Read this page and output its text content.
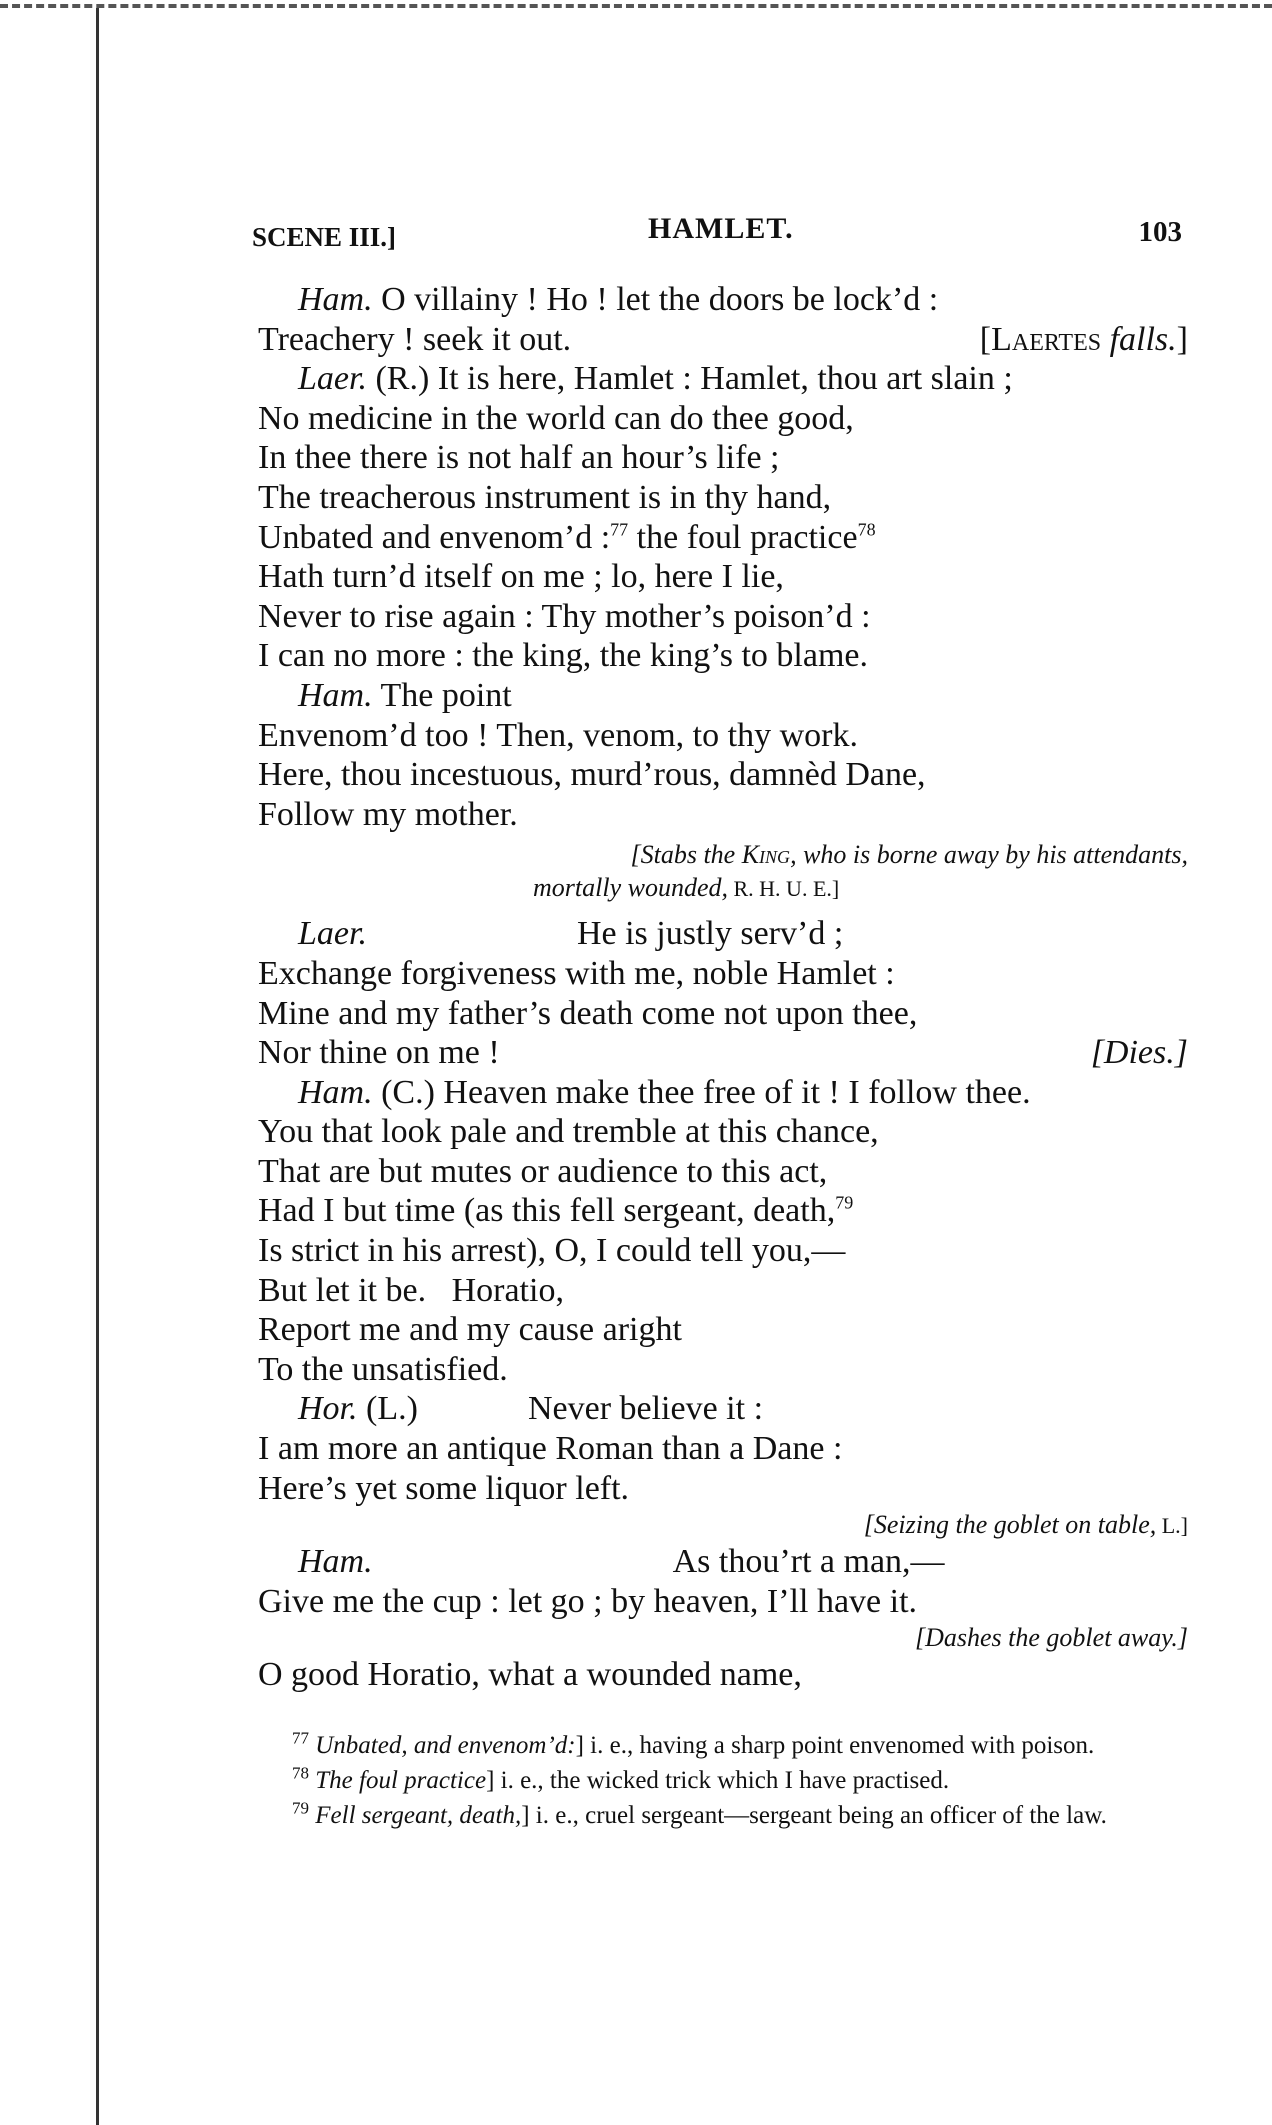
SCENE III.]	HAMLET.	103
Ham. O villainy ! Ho ! let the doors be lock’d :
Treachery ! seek it out.	[Laertes falls.]
Laer. (R.) It is here, Hamlet : Hamlet, thou art slain ;
No medicine in the world can do thee good,
In thee there is not half an hour’s life ;
The treacherous instrument is in thy hand,
Unbated and envenom’d :$^{77}$ the foul practice$^{78}$
Hath turn’d itself on me ; lo, here I lie,
Never to rise again : Thy mother’s poison’d :
I can no more : the king, the king’s to blame.
Ham. The point
Envenom’d too ! Then, venom, to thy work.
Here, thou incestuous, murd’rous, damnèd Dane,
Follow my mother.
[Stabs the King, who is borne away by his attendants,
mortally wounded, R. H. U. E.]
Laer.	He is justly serv’d ;
Exchange forgiveness with me, noble Hamlet :
Mine and my father’s death come not upon thee,
Nor thine on me !	[Dies.]
Ham. (C.) Heaven make thee free of it ! I follow thee.
You that look pale and tremble at this chance,
That are but mutes or audience to this act,
Had I but time (as this fell sergeant, death,$^{79}$
Is strict in his arrest), O, I could tell you,—
But let it be.   Horatio,
Report me and my cause aright
To the unsatisfied.
Hor. (L.)	Never believe it :
I am more an antique Roman than a Dane :
Here’s yet some liquor left.
[Seizing the goblet on table, L.]
Ham.	As thou’rt a man,—
Give me the cup : let go ; by heaven, I’ll have it.
[Dashes the goblet away.]
O good Horatio, what a wounded name,

$^{77}$ Unbated, and envenom’d:] i. e., having a sharp point envenomed with poison.

$^{78}$ The foul practice] i. e., the wicked trick which I have practised.

$^{79}$ Fell sergeant, death,] i. e., cruel sergeant—sergeant being an officer of the law.
